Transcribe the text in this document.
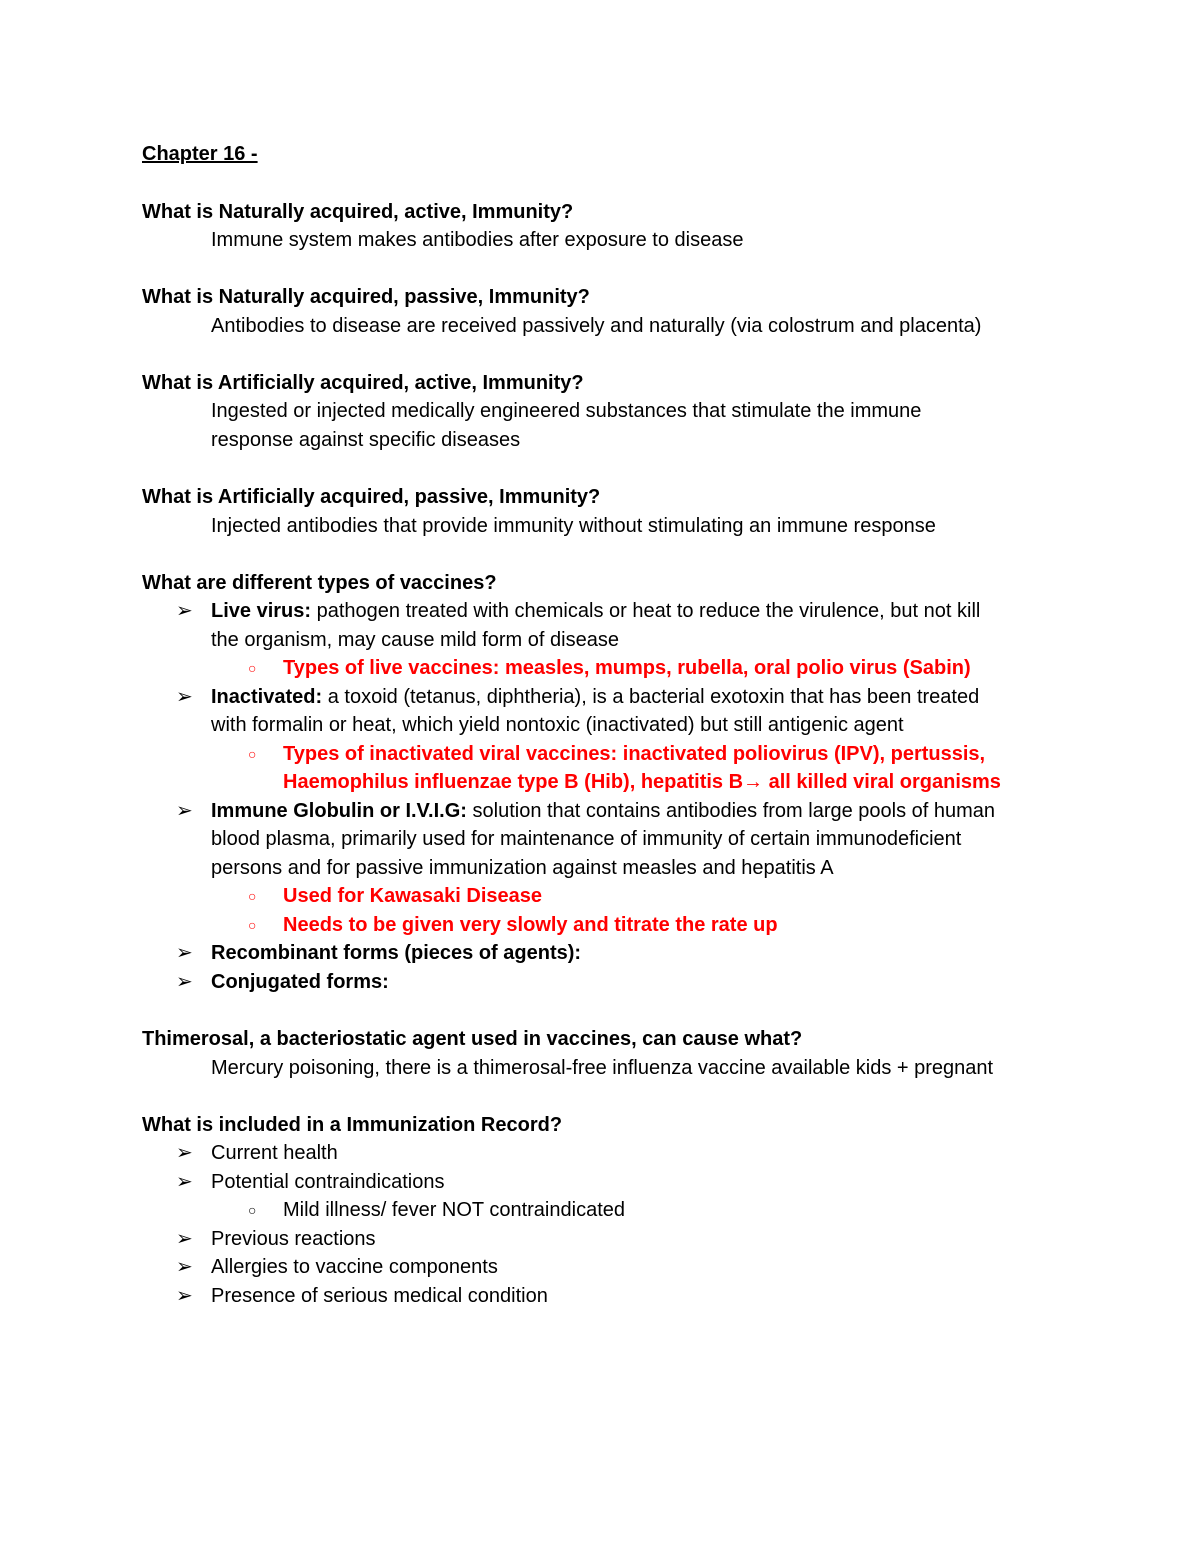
Chapter 16 -
What is Naturally acquired, active, Immunity?
Immune system makes antibodies after exposure to disease
What is Naturally acquired, passive, Immunity?
Antibodies to disease are received passively and naturally (via colostrum and placenta)
What is Artificially acquired, active, Immunity?
Ingested or injected medically engineered substances that stimulate the immune
response against specific diseases
What is Artificially acquired, passive, Immunity?
Injected antibodies that provide immunity without stimulating an immune response
What are different types of vaccines?
➢ Live virus: pathogen treated with chemicals or heat to reduce the virulence, but not kill
the organism, may cause mild form of disease
○ Types of live vaccines: measles, mumps, rubella, oral polio virus (Sabin)
➢ Inactivated: a toxoid (tetanus, diphtheria), is a bacterial exotoxin that has been treated
with formalin or heat, which yield nontoxic (inactivated) but still antigenic agent
○ Types of inactivated viral vaccines: inactivated poliovirus (IPV), pertussis,
Haemophilus influenzae type B (Hib), hepatitis B→ all killed viral organisms
➢ Immune Globulin or I.V.I.G: solution that contains antibodies from large pools of human
blood plasma, primarily used for maintenance of immunity of certain immunodeficient
persons and for passive immunization against measles and hepatitis A
○ Used for Kawasaki Disease
○ Needs to be given very slowly and titrate the rate up
➢ Recombinant forms (pieces of agents):
➢ Conjugated forms:
Thimerosal, a bacteriostatic agent used in vaccines, can cause what?
Mercury poisoning, there is a thimerosal-free influenza vaccine available kids + pregnant
What is included in a Immunization Record?
➢ Current health
➢ Potential contraindications
○ Mild illness/ fever NOT contraindicated
➢ Previous reactions
➢ Allergies to vaccine components
➢ Presence of serious medical condition
